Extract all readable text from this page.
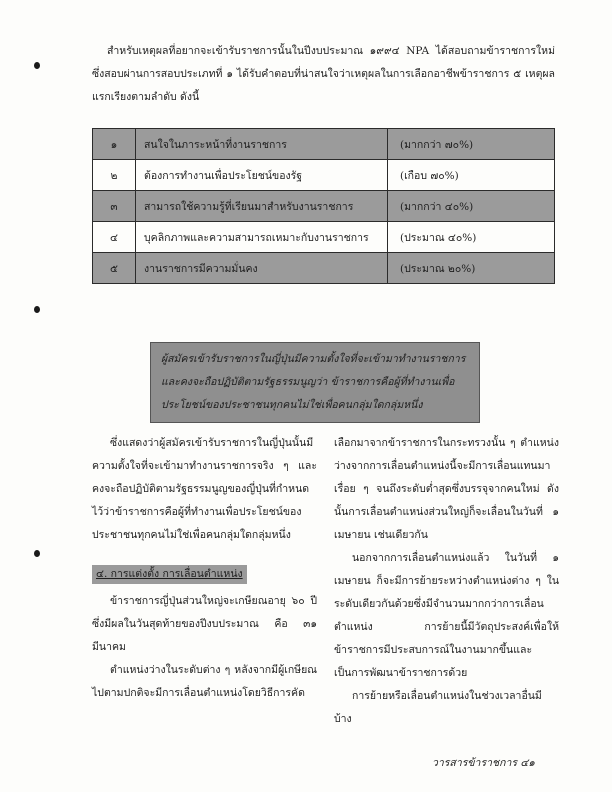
สำหรับเหตุผลที่อยากจะเข้ารับราชการนั้นในปีงบประมาณ ๑๙๙๔ NPA ได้สอบถามข้าราชการใหม่ซึ่งสอบผ่านการสอบประเภทที่ ๑ ได้รับคำตอบที่น่าสนใจว่าเหตุผลในการเลือกอาชีพข้าราชการ ๕ เหตุผลแรกเรียงตามลำดับ ดังนี้

๑	สนใจในภาระหน้าที่งานราชการ	(มากกว่า ๗๐%)
๒	ต้องการทำงานเพื่อประโยชน์ของรัฐ	(เกือบ ๗๐%)
๓	สามารถใช้ความรู้ที่เรียนมาสำหรับงานราชการ	(มากกว่า ๔๐%)
๔	บุคลิกภาพและความสามารถเหมาะกับงานราชการ	(ประมาณ ๔๐%)
๕	งานราชการมีความมั่นคง	(ประมาณ ๒๐%)

ผู้สมัครเข้ารับราชการในญี่ปุ่นมีความตั้งใจที่จะเข้ามาทำงานราชการ และคงจะถือปฏิบัติตามรัฐธรรมนูญว่า ข้าราชการคือผู้ที่ทำงานเพื่อประโยชน์ของประชาชนทุกคนไม่ใช่เพื่อคนกลุ่มใดกลุ่มหนึ่ง

ซึ่งแสดงว่าผู้สมัครเข้ารับราชการในญี่ปุ่นนั้นมีความตั้งใจที่จะเข้ามาทำงานราชการจริง ๆ และคงจะถือปฏิบัติตามรัฐธรรมนูญของญี่ปุ่นที่กำหนดไว้ว่าข้าราชการคือผู้ที่ทำงานเพื่อประโยชน์ของประชาชนทุกคนไม่ใช่เพื่อคนกลุ่มใดกลุ่มหนึ่ง

๔. การแต่งตั้ง การเลื่อนตำแหน่ง

ข้าราชการญี่ปุ่นส่วนใหญ่จะเกษียณอายุ ๖๐ ปี ซึ่งมีผลในวันสุดท้ายของปีงบประมาณ คือ ๓๑ มีนาคม

ตำแหน่งว่างในระดับต่าง ๆ หลังจากมีผู้เกษียณไปตามปกติจะมีการเลื่อนตำแหน่งโดยวิธีการคัด

เลือกมาจากข้าราชการในกระทรวงนั้น ๆ ตำแหน่งว่างจากการเลื่อนตำแหน่งนี้จะมีการเลื่อนแทนมาเรื่อย ๆ จนถึงระดับต่ำสุดซึ่งบรรจุจากคนใหม่ ดังนั้นการเลื่อนตำแหน่งส่วนใหญ่ก็จะเลื่อนในวันที่ ๑ เมษายน เช่นเดียวกัน

นอกจากการเลื่อนตำแหน่งแล้ว ในวันที่ ๑ เมษายน ก็จะมีการย้ายระหว่างตำแหน่งต่าง ๆ ในระดับเดียวกันด้วยซึ่งมีจำนวนมากกว่าการเลื่อนตำแหน่ง การย้ายนี้มีวัตถุประสงค์เพื่อให้ข้าราชการมีประสบการณ์ในงานมากขึ้นและเป็นการพัฒนาข้าราชการด้วย

การย้ายหรือเลื่อนตำแหน่งในช่วงเวลาอื่นมีบ้าง

วารสารข้าราชการ ๔๑
